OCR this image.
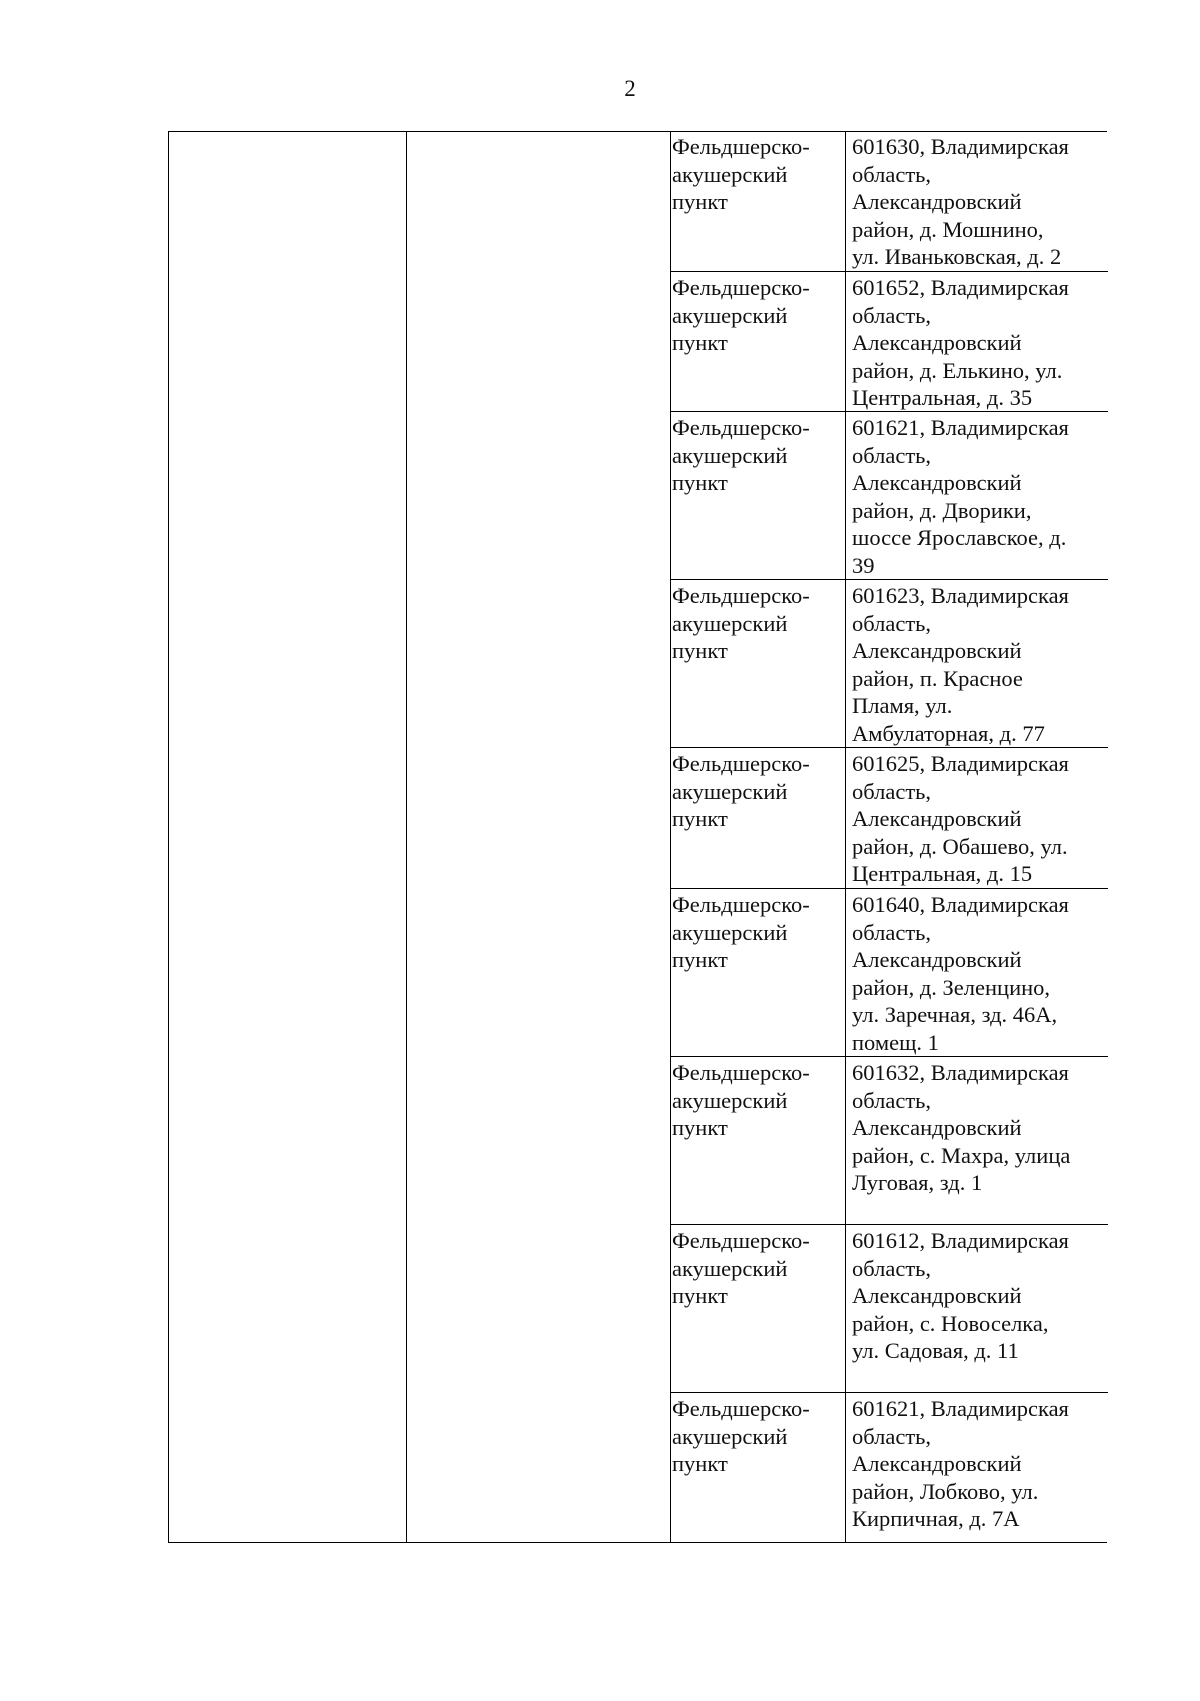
2
Фельдшерско-
акушерский
пункт
601630, Владимирская
область,
Александровский
район, д. Мошнино,
ул. Иваньковская, д. 2
Фельдшерско-
акушерский
пункт
601652, Владимирская
область,
Александровский
район, д. Елькино, ул.
Центральная, д. 35
Фельдшерско-
акушерский
пункт
601621, Владимирская
область,
Александровский
район, д. Дворики,
шоссе Ярославское, д.
39
Фельдшерско-
акушерский
пункт
601623, Владимирская
область,
Александровский
район, п. Красное
Пламя, ул.
Амбулаторная, д. 77
Фельдшерско-
акушерский
пункт
601625, Владимирская
область,
Александровский
район, д. Обашево, ул.
Центральная, д. 15
Фельдшерско-
акушерский
пункт
601640, Владимирская
область,
Александровский
район, д. Зеленцино,
ул. Заречная, зд. 46А,
помещ. 1
Фельдшерско-
акушерский
пункт
601632, Владимирская
область,
Александровский
район, с. Махра, улица
Луговая, зд. 1
Фельдшерско-
акушерский
пункт
601612, Владимирская
область,
Александровский
район, с. Новоселка,
ул. Садовая, д. 11
Фельдшерско-
акушерский
пункт
601621, Владимирская
область,
Александровский
район, Лобково, ул.
Кирпичная, д. 7А
